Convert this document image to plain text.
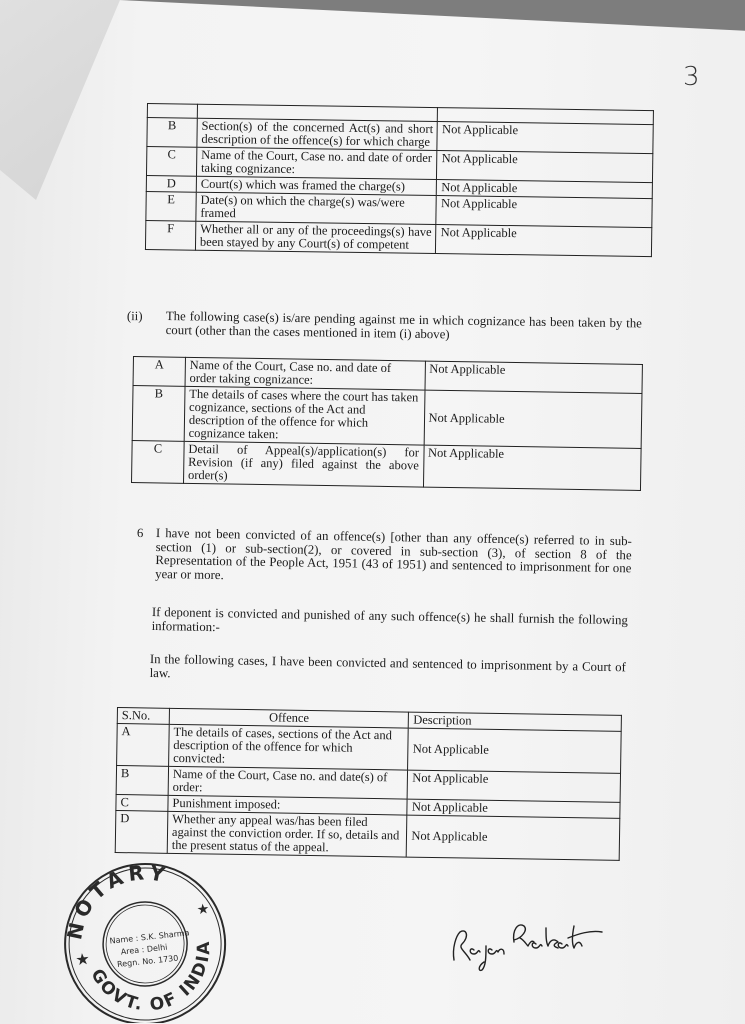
3

B	Section(s) of the concerned Act(s) and short description of the offence(s) for which charge	Not Applicable
C	Name of the Court, Case no. and date of order taking cognizance:	Not Applicable
D	Court(s) which was framed the charge(s)	Not Applicable
E	Date(s) on which the charge(s) was/were framed	Not Applicable
F	Whether all or any of the proceedings(s) have been stayed by any Court(s) of competent	Not Applicable
(ii)	The following case(s) is/are pending against me in which cognizance has been taken by the court (other than the cases mentioned in item (i) above)
A	Name of the Court, Case no. and date of order taking cognizance:	Not Applicable
B	The details of cases where the court has taken cognizance, sections of the Act and description of the offence for which cognizance taken:	Not Applicable
C	Detail of Appeal(s)/application(s) for Revision (if any) filed against the above order(s)	Not Applicable
6 I have not been convicted of an offence(s) [other than any offence(s) referred to in sub-section (1) or sub-section(2), or covered in sub-section (3), of section 8 of the Representation of the People Act, 1951 (43 of 1951) and sentenced to imprisonment for one year or more.
If deponent is convicted and punished of any such offence(s) he shall furnish the following information:-
In the following cases, I have been convicted and sentenced to imprisonment by a Court of law.
S.No.	Offence	Description
A	The details of cases, sections of the Act and description of the offence for which convicted:	Not Applicable
B	Name of the Court, Case no. and date(s) of order:	Not Applicable
C	Punishment imposed:	Not Applicable
D	Whether any appeal was/has been filed against the conviction order. If so, details and the present status of the appeal.	Not Applicable
NOTARY
GOVT. OF INDIA
★
★
Name : S.K. Sharma
Area : Delhi
Regn. No. 1730
